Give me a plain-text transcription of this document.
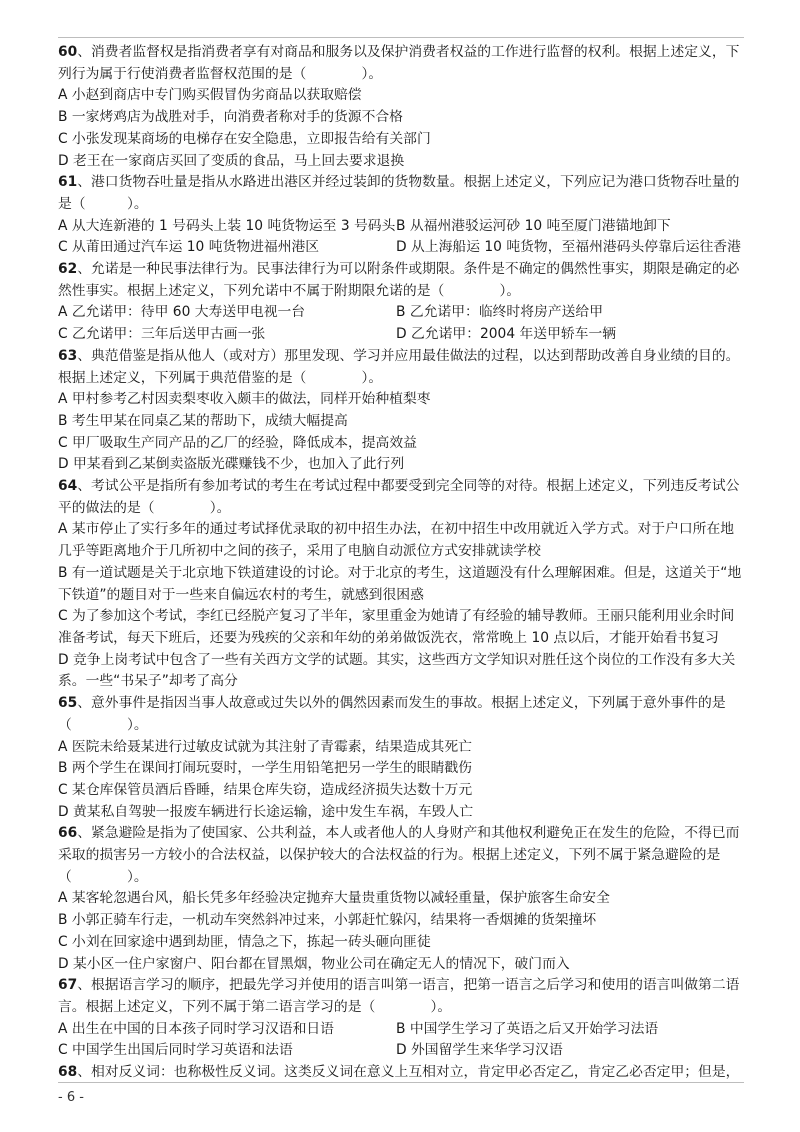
60、消费者监督权是指消费者享有对商品和服务以及保护消费者权益的工作进行监督的权利。根据上述定义，下列行为属于行使消费者监督权范围的是（　　　　）。

A 小赵到商店中专门购买假冒伪劣商品以获取赔偿

B 一家烤鸡店为战胜对手，向消费者称对手的货源不合格

C 小张发现某商场的电梯存在安全隐患，立即报告给有关部门

D 老王在一家商店买回了变质的食品，马上回去要求退换

61、港口货物吞吐量是指从水路进出港区并经过装卸的货物数量。根据上述定义，下列应记为港口货物吞吐量的是（　　　）。

A 从大连新港的 1 号码头上装 10 吨货物运至 3 号码头 B 从福州港驳运河砂 10 吨至厦门港锚地卸下
C 从莆田通过汽车运 10 吨货物进福州港区	D 从上海船运 10 吨货物，至福州港码头停靠后运往香港

62、允诺是一种民事法律行为。民事法律行为可以附条件或期限。条件是不确定的偶然性事实，期限是确定的必然性事实。根据上述定义，下列允诺中不属于附期限允诺的是（　　　　）。

A 乙允诺甲：待甲 60 大寿送甲电视一台	B 乙允诺甲：临终时将房产送给甲
C 乙允诺甲：三年后送甲古画一张	D 乙允诺甲：2004 年送甲轿车一辆

63、典范借鉴是指从他人（或对方）那里发现、学习并应用最佳做法的过程，以达到帮助改善自身业绩的目的。根据上述定义，下列属于典范借鉴的是（　　　　）。

A 甲村参考乙村因卖梨枣收入颇丰的做法，同样开始种植梨枣

B 考生甲某在同桌乙某的帮助下，成绩大幅提高

C 甲厂吸取生产同产品的乙厂的经验，降低成本，提高效益

D 甲某看到乙某倒卖盗版光碟赚钱不少，也加入了此行列

64、考试公平是指所有参加考试的考生在考试过程中都要受到完全同等的对待。根据上述定义，下列违反考试公平的做法的是（　　　　）。

A 某市停止了实行多年的通过考试择优录取的初中招生办法，在初中招生中改用就近入学方式。对于户口所在地几乎等距离地介于几所初中之间的孩子，采用了电脑自动派位方式安排就读学校

B 有一道试题是关于北京地下铁道建设的讨论。对于北京的考生，这道题没有什么理解困难。但是，这道关于“地下铁道”的题目对于一些来自偏远农村的考生，就感到很困惑

C 为了参加这个考试，李红已经脱产复习了半年，家里重金为她请了有经验的辅导教师。王丽只能利用业余时间准备考试，每天下班后，还要为残疾的父亲和年幼的弟弟做饭洗衣，常常晚上 10 点以后，才能开始看书复习

D 竞争上岗考试中包含了一些有关西方文学的试题。其实，这些西方文学知识对胜任这个岗位的工作没有多大关系。一些“书呆子”却考了高分

65、意外事件是指因当事人故意或过失以外的偶然因素而发生的事故。根据上述定义，下列属于意外事件的是（　　　　）。

A 医院未给聂某进行过敏皮试就为其注射了青霉素，结果造成其死亡

B 两个学生在课间打闹玩耍时，一学生用铅笔把另一学生的眼睛戳伤

C 某仓库保管员酒后昏睡，结果仓库失窃，造成经济损失达数十万元

D 黄某私自驾驶一报废车辆进行长途运输，途中发生车祸，车毁人亡

66、紧急避险是指为了使国家、公共利益，本人或者他人的人身财产和其他权利避免正在发生的危险，不得已而采取的损害另一方较小的合法权益，以保护较大的合法权益的行为。根据上述定义，下列不属于紧急避险的是（　　　　）。

A 某客轮忽遇台风，船长凭多年经验决定抛弃大量贵重货物以减轻重量，保护旅客生命安全

B 小郭正骑车行走，一机动车突然斜冲过来，小郭赶忙躲闪，结果将一香烟摊的货架撞坏

C 小刘在回家途中遇到劫匪，情急之下，拣起一砖头砸向匪徒

D 某小区一住户家窗户、阳台都在冒黑烟，物业公司在确定无人的情况下，破门而入

67、根据语言学习的顺序，把最先学习并使用的语言叫第一语言，把第一语言之后学习和使用的语言叫做第二语言。根据上述定义，下列不属于第二语言学习的是（　　　　）。

A 出生在中国的日本孩子同时学习汉语和日语	B 中国学生学习了英语之后又开始学习法语
C 中国学生出国后同时学习英语和法语	D 外国留学生来华学习汉语

68、相对反义词：也称极性反义词。这类反义词在意义上互相对立，肯定甲必否定乙，肯定乙必否定甲；但是，

- 6 -
